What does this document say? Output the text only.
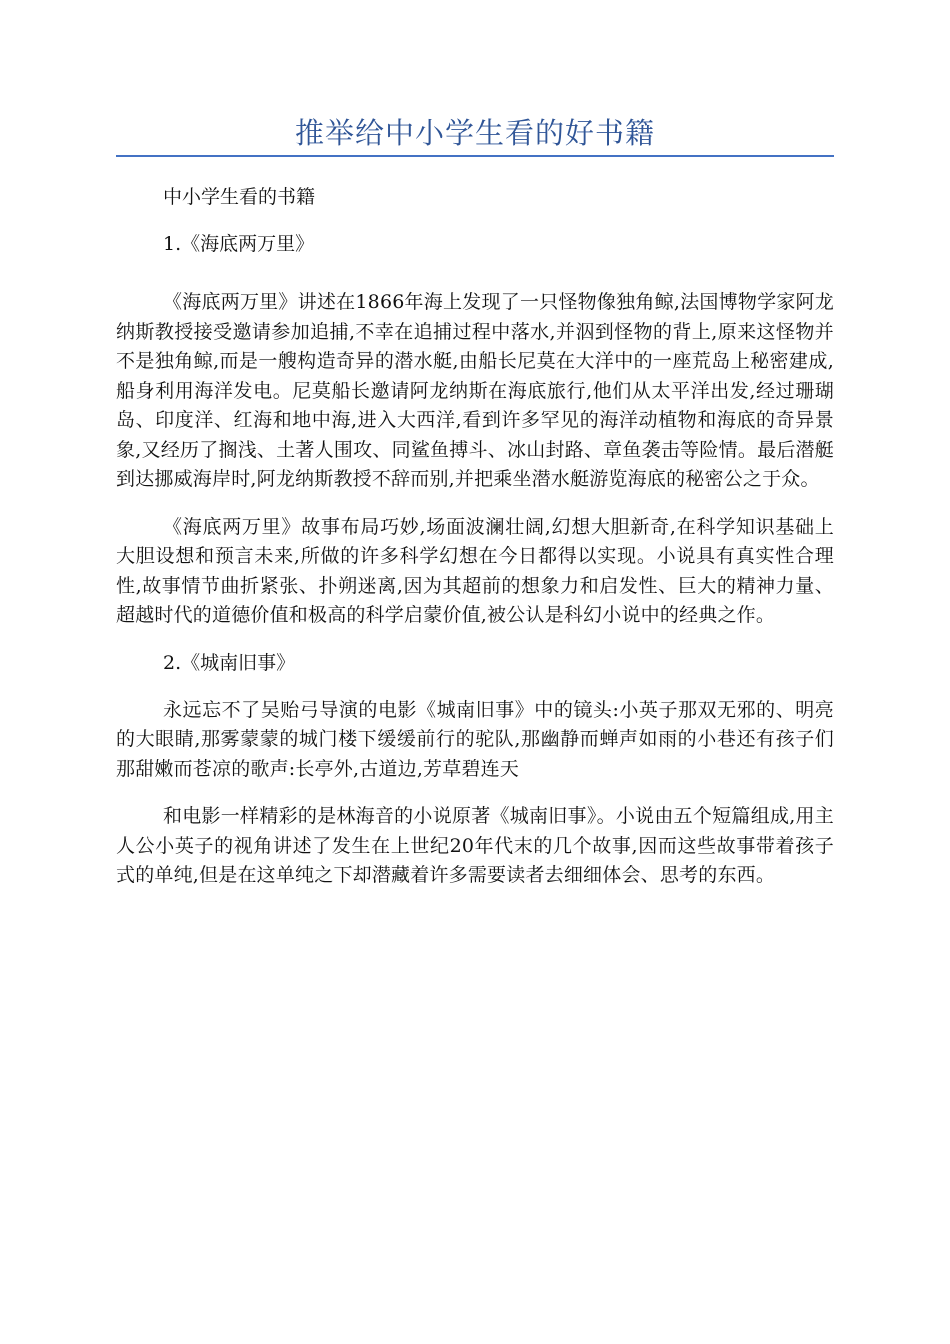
推举给中小学生看的好书籍

中小学生看的书籍

1.《海底两万里》

《海底两万里》讲述在1866年海上发现了一只怪物像独角鲸,法国博物学家阿龙纳斯教授接受邀请参加追捕,不幸在追捕过程中落水,并泅到怪物的背上,原来这怪物并不是独角鲸,而是一艘构造奇异的潜水艇,由船长尼莫在大洋中的一座荒岛上秘密建成,船身利用海洋发电。尼莫船长邀请阿龙纳斯在海底旅行,他们从太平洋出发,经过珊瑚岛、印度洋、红海和地中海,进入大西洋,看到许多罕见的海洋动植物和海底的奇异景象,又经历了搁浅、土著人围攻、同鲨鱼搏斗、冰山封路、章鱼袭击等险情。最后潜艇到达挪威海岸时,阿龙纳斯教授不辞而别,并把乘坐潜水艇游览海底的秘密公之于众。

《海底两万里》故事布局巧妙,场面波澜壮阔,幻想大胆新奇,在科学知识基础上大胆设想和预言未来,所做的许多科学幻想在今日都得以实现。小说具有真实性合理性,故事情节曲折紧张、扑朔迷离,因为其超前的想象力和启发性、巨大的精神力量、超越时代的道德价值和极高的科学启蒙价值,被公认是科幻小说中的经典之作。

2.《城南旧事》

永远忘不了吴贻弓导演的电影《城南旧事》中的镜头:小英子那双无邪的、明亮的大眼睛,那雾蒙蒙的城门楼下缓缓前行的驼队,那幽静而蝉声如雨的小巷还有孩子们那甜嫩而苍凉的歌声:长亭外,古道边,芳草碧连天

和电影一样精彩的是林海音的小说原著《城南旧事》。小说由五个短篇组成,用主人公小英子的视角讲述了发生在上世纪20年代末的几个故事,因而这些故事带着孩子式的单纯,但是在这单纯之下却潜藏着许多需要读者去细细体会、思考的东西。
